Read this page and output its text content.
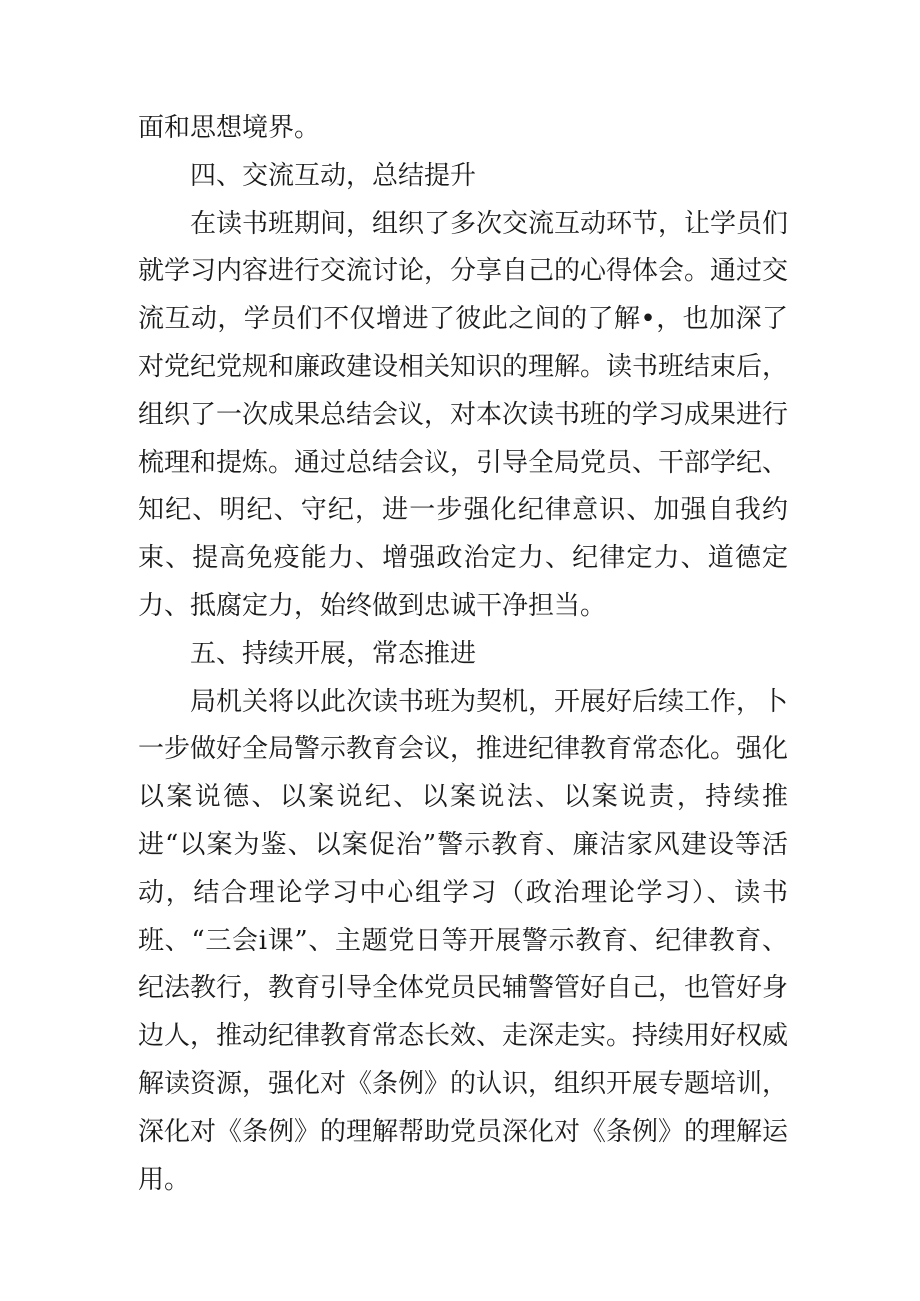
面和思想境界。

四、交流互动，总结提升

在读书班期间，组织了多次交流互动环节，让学员们就学习内容进行交流讨论，分享自己的心得体会。通过交流互动，学员们不仅增进了彼此之间的了解•，也加深了对党纪党规和廉政建设相关知识的理解。读书班结束后，组织了一次成果总结会议，对本次读书班的学习成果进行梳理和提炼。通过总结会议，引导全局党员、干部学纪、知纪、明纪、守纪，进一步强化纪律意识、加强自我约束、提高免疫能力、增强政治定力、纪律定力、道德定力、抵腐定力，始终做到忠诚干净担当。

五、持续开展，常态推进

局机关将以此次读书班为契机，开展好后续工作，卜一步做好全局警示教育会议，推进纪律教育常态化。强化以案说德、以案说纪、以案说法、以案说责，持续推进“以案为鉴、以案促治”警示教育、廉洁家风建设等活动，结合理论学习中心组学习（政治理论学习）、读书班、“三会i课”、主题党日等开展警示教育、纪律教育、纪法教行，教育引导全体党员民辅警管好自己，也管好身边人，推动纪律教育常态长效、走深走实。持续用好权威解读资源，强化对《条例》的认识，组织开展专题培训，深化对《条例》的理解帮助党员深化对《条例》的理解运用。
